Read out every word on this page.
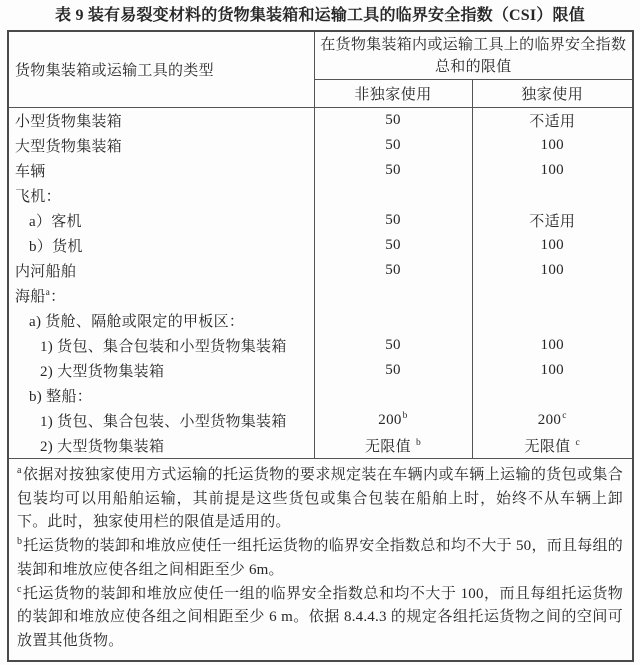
表 9 装有易裂变材料的货物集装箱和运输工具的临界安全指数（CSI）限值
货物集装箱或运输工具的类型	在货物集装箱内或运输工具上的临界安全指数总和的限值	
	非独家使用	独家使用
小型货物集装箱	50	不适用
大型货物集装箱	50	100
车辆	50	100
飞机：		
a）客机	50	不适用
b）货机	50	100
内河船舶	50	100
海船$^a$：		
a) 货舱、隔舱或限定的甲板区：		
1) 货包、集合包装和小型货物集装箱	50	100
2) 大型货物集装箱	50	100
b) 整船：		
1) 货包、集合包装、小型货物集装箱	200$^b$	200$^c$
2) 大型货物集装箱	无限值 $^b$	无限值 $^c$

$^a$依据对按独家使用方式运输的托运货物的要求规定装在车辆内或车辆上运输的货包或集合包装均可以用船舶运输，其前提是这些货包或集合包装在船舶上时，始终不从车辆上卸下。此时，独家使用栏的限值是适用的。
$^b$托运货物的装卸和堆放应使任一组托运货物的临界安全指数总和均不大于 50，而且每组的装卸和堆放应使各组之间相距至少 6m。
$^c$托运货物的装卸和堆放应使任一组的临界安全指数总和均不大于 100，而且每组托运货物的装卸和堆放应使各组之间相距至少 6 m。依据 8.4.4.3 的规定各组托运货物之间的空间可放置其他货物。		
